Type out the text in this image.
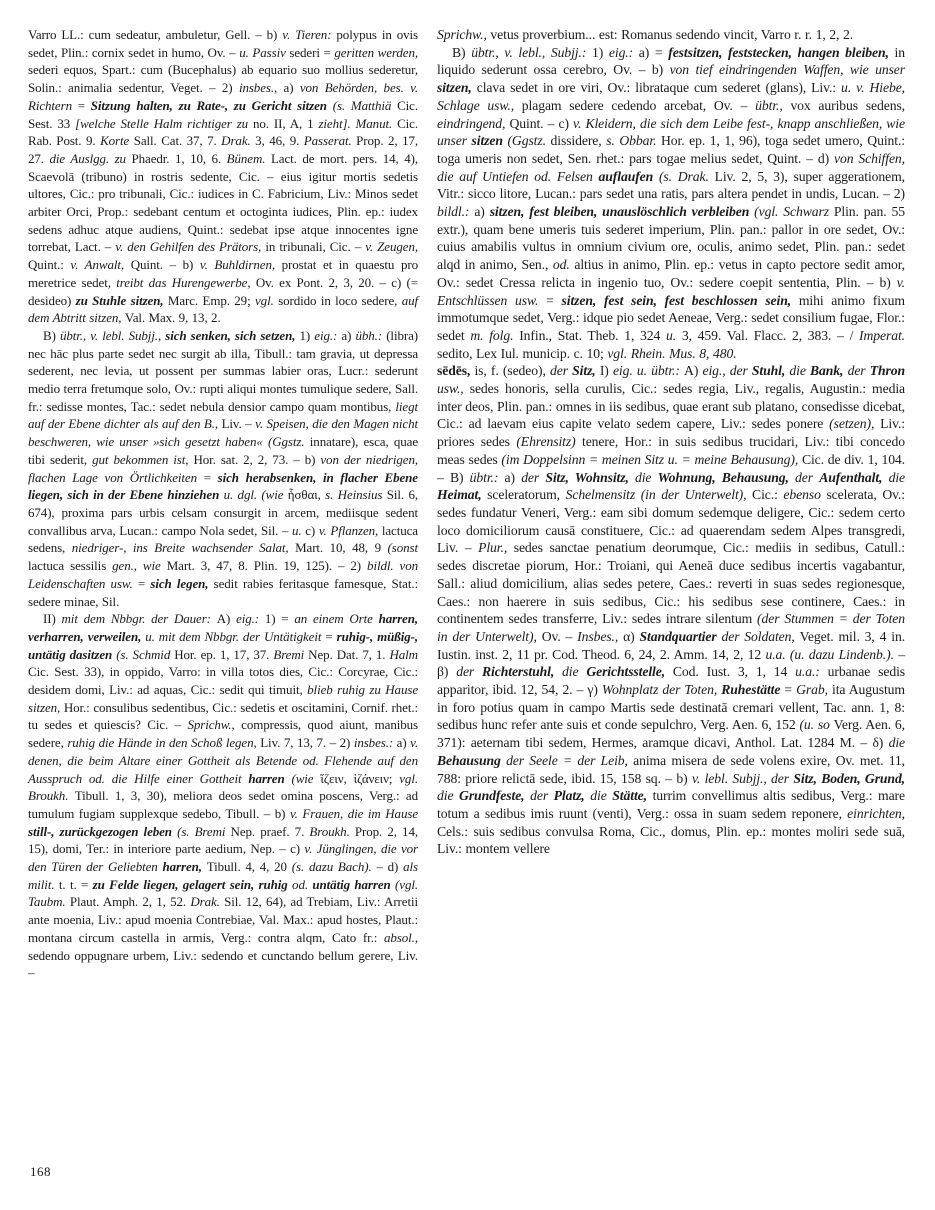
Varro LL.: cum sedeatur, ambuletur, Gell. – b) v. Tieren: polypus in ovis sedet, Plin.: cornix sedet in humo, Ov. – u. Passiv sederi = geritten werden, sederi equos, Spart.: cum (Bucephalus) ab equario suo mollius sederetur, Solin.: animalia sedentur, Veget. – 2) insbes., a) von Behörden, bes. v. Richtern = Sitzung halten, zu Rate-, zu Gericht sitzen (s. Matthiä Cic. Sest. 33 [welche Stelle Halm richtiger zu no. II, A, 1 zieht]. Manut. Cic. Rab. Post. 9. Korte Sall. Cat. 37, 7. Drak. 3, 46, 9. Passerat. Prop. 2, 17, 27. die Auslgg. zu Phaedr. 1, 10, 6. Bünem. Lact. de mort. pers. 14, 4), Scaevolā (tribuno) in rostris sedente, Cic. – eius igitur mortis sedetis ultores, Cic.: pro tribunali, Cic.: iudices in C. Fabricium, Liv.: Minos sedet arbiter Orci, Prop.: sedebant centum et octoginta iudices, Plin. ep.: iudex sedens adhuc atque audiens, Quint.: sedebat ipse atque innocentes igne torrebat, Lact. – v. den Gehilfen des Prätors, in tribunali, Cic. – v. Zeugen, Quint.: v. Anwalt, Quint. – b) v. Buhldirnen, prostat et in quaestu pro meretrice sedet, treibt das Hurengewerbe, Ov. ex Pont. 2, 3, 20. – c) (= desideo) zu Stuhle sitzen, Marc. Emp. 29; vgl. sordido in loco sedere, auf dem Abtritt sitzen, Val. Max. 9, 13, 2.

B) übtr., v. lebl. Subjj., sich senken, sich setzen, 1) eig.: a) übh.: (libra) nec hāc plus parte sedet nec surgit ab illa, Tibull.: tam gravia, ut depressa sederent, nec levia, ut possent per summas labier oras, Lucr.: sederunt medio terra fretumque solo, Ov.: rupti aliqui montes tumulique sedere, Sall. fr.: sedisse montes, Tac.: sedet nebula densior campo quam montibus, liegt auf der Ebene dichter als auf den B., Liv. – v. Speisen, die den Magen nicht beschweren, wie unser »sich gesetzt haben« (Ggstz. innatare), esca, quae tibi sederit, gut bekommen ist, Hor. sat. 2, 2, 73. – b) von der niedrigen, flachen Lage von Örtlichkeiten = sich herabsenken, in flacher Ebene liegen, sich in der Ebene hinziehen u. dgl. (wie ἧσθαι, s. Heinsius Sil. 6, 674), proxima pars urbis celsam consurgit in arcem, mediisque sedent convallibus arva, Lucan.: campo Nola sedet, Sil. – u. c) v. Pflanzen, lactuca sedens, niedriger-, ins Breite wachsender Salat, Mart. 10, 48, 9 (sonst lactuca sessilis gen., wie Mart. 3, 47, 8. Plin. 19, 125). – 2) bildl. von Leidenschaften usw. = sich legen, sedit rabies feritasque famesque, Stat.: sedere minae, Sil.

II) mit dem Nbbgr. der Dauer: A) eig.: 1) = an einem Orte harren, verharren, verweilen, u. mit dem Nbbgr. der Untätigkeit = ruhig-, müßig-, untätig dasitzen (s. Schmid Hor. ep. 1, 17, 37. Bremi Nep. Dat. 7, 1. Halm Cic. Sest. 33), in oppido, Varro: in villa totos dies, Cic.: Corcyrae, Cic.: desidem domi, Liv.: ad aquas, Cic.: sedit qui timuit, blieb ruhig zu Hause sitzen, Hor.: consulibus sedentibus, Cic.: sedetis et oscitamini, Cornif. rhet.: tu sedes et quiescis? Cic. – Sprichw., compressis, quod aiunt, manibus sedere, ruhig die Hände in den Schoß legen, Liv. 7, 13, 7. – 2) insbes.: a) v. denen, die beim Altare einer Gottheit als Betende od. Flehende auf den Ausspruch od. die Hilfe einer Gottheit harren (wie ἵζειν, ἱζάνειν; vgl. Broukh. Tibull. 1, 3, 30), meliora deos sedet omina poscens, Verg.: ad tumulum fugiam supplexque sedebo, Tibull. – b) v. Frauen, die im Hause still-, zurückgezogen leben (s. Bremi Nep. praef. 7. Broukh. Prop. 2, 14, 15), domi, Ter.: in interiore parte aedium, Nep. – c) v. Jünglingen, die vor den Türen der Geliebten harren, Tibull. 4, 4, 20 (s. dazu Bach). – d) als milit. t. t. = zu Felde liegen, gelagert sein, ruhig od. untätig harren (vgl. Taubm. Plaut. Amph. 2, 1, 52. Drak. Sil. 12, 64), ad Trebiam, Liv.: Arretii ante moenia, Liv.: apud moenia Contrebiae, Val. Max.: apud hostes, Plaut.: montana circum castella in armis, Verg.: contra alqm, Cato fr.: absol., sedendo oppugnare urbem, Liv.: sedendo et cunctando bellum gerere, Liv. –

Sprichw., vetus proverbium... est: Romanus sedendo vincit, Varro r. r. 1, 2, 2.

B) übtr., v. lebl., Subjj.: 1) eig.: a) = festsitzen, feststecken, hangen bleiben, in liquido sederunt ossa cerebro, Ov. – b) von tief eindringenden Waffen, wie unser sitzen, clava sedet in ore viri, Ov.: librataque cum sederet (glans), Liv.: u. v. Hiebe, Schlage usw., plagam sedere cedendo arcebat, Ov. – übtr., vox auribus sedens, eindringend, Quint. – c) v. Kleidern, die sich dem Leibe fest-, knapp anschließen, wie unser sitzen (Ggstz. dissidere, s. Obbar. Hor. ep. 1, 1, 96), toga sedet umero, Quint.: toga umeris non sedet, Sen. rhet.: pars togae melius sedet, Quint. – d) von Schiffen, die auf Untiefen od. Felsen auflaufen (s. Drak. Liv. 2, 5, 3), super aggerationem, Vitr.: sicco litore, Lucan.: pars sedet una ratis, pars altera pendet in undis, Lucan. – 2) bildl.: a) sitzen, fest bleiben, unauslöschlich verbleiben (vgl. Schwarz Plin. pan. 55 extr.), quam bene umeris tuis sederet imperium, Plin. pan.: pallor in ore sedet, Ov.: cuius amabilis vultus in omnium civium ore, oculis, animo sedet, Plin. pan.: sedet alqd in animo, Sen., od. altius in animo, Plin. ep.: vetus in capto pectore sedit amor, Ov.: sedet Cressa relicta in ingenio tuo, Ov.: sedere coepit sententia, Plin. – b) v. Entschlüssen usw. = sitzen, fest sein, fest beschlossen sein, mihi animo fixum immotumque sedet, Verg.: idque pio sedet Aeneae, Verg.: sedet consilium fugae, Flor.: sedet m. folg. Infin., Stat. Theb. 1, 324 u. 3, 459. Val. Flacc. 2, 383. – / Imperat. sedito, Lex Iul. municip. c. 10; vgl. Rhein. Mus. 8, 480.

sēdēs, is, f. (sedeo), der Sitz, I) eig. u. übtr.: A) eig., der Stuhl, die Bank, der Thron usw., sedes honoris, sella curulis, Cic.: sedes regia, Liv., regalis, Augustin.: media inter deos, Plin. pan.: omnes in iis sedibus, quae erant sub platano, consedisse dicebat, Cic.: ad laevam eius capite velato sedem capere, Liv.: sedes ponere (setzen), Liv.: priores sedes (Ehrensitz) tenere, Hor.: in suis sedibus trucidari, Liv.: tibi concedo meas sedes (im Doppelsinn = meinen Sitz u. = meine Behausung), Cic. de div. 1, 104. – B) übtr.: a) der Sitz, Wohnsitz, die Wohnung, Behausung, der Aufenthalt, die Heimat, sceleratorum, Schelmensitz (in der Unterwelt), Cic.: ebenso scelerata, Ov.: sedes fundatur Veneri, Verg.: eam sibi domum sedemque deligere, Cic.: sedem certo loco domiciliorum causā constituere, Cic.: ad quaerendam sedem Alpes transgredi, Liv. – Plur., sedes sanctae penatium deorumque, Cic.: mediis in sedibus, Catull.: sedes discretae piorum, Hor.: Troiani, qui Aeneā duce sedibus incertis vagabantur, Sall.: aliud domicilium, alias sedes petere, Caes.: reverti in suas sedes regionesque, Caes.: non haerere in suis sedibus, Cic.: his sedibus sese continere, Caes.: in continentem sedes transferre, Liv.: sedes intrare silentum (der Stummen = der Toten in der Unterwelt), Ov. – Insbes., α) Standquartier der Soldaten, Veget. mil. 3, 4 in. Iustin. inst. 2, 11 pr. Cod. Theod. 6, 24, 2. Amm. 14, 2, 12 u.a. (u. dazu Lindenb.). – β) der Richterstuhl, die Gerichtsstelle, Cod. Iust. 3, 1, 14 u.a.: urbanae sedis apparitor, ibid. 12, 54, 2. – γ) Wohnplatz der Toten, Ruhestätte = Grab, ita Augustum in foro potius quam in campo Martis sede destinatā cremari vellent, Tac. ann. 1, 8: sedibus hunc refer ante suis et conde sepulchro, Verg. Aen. 6, 152 (u. so Verg. Aen. 6, 371): aeternam tibi sedem, Hermes, aramque dicavi, Anthol. Lat. 1284 M. – δ) die Behausung der Seele = der Leib, anima misera de sede volens exire, Ov. met. 11, 788: priore relictā sede, ibid. 15, 158 sq. – b) v. lebl. Subjj., der Sitz, Boden, Grund, die Grundfeste, der Platz, die Stätte, turrim convellimus altis sedibus, Verg.: mare totum a sedibus imis ruunt (venti), Verg.: ossa in suam sedem reponere, einrichten, Cels.: suis sedibus convulsa Roma, Cic., domus, Plin. ep.: montes moliri sede suā, Liv.: montem vellere

168
